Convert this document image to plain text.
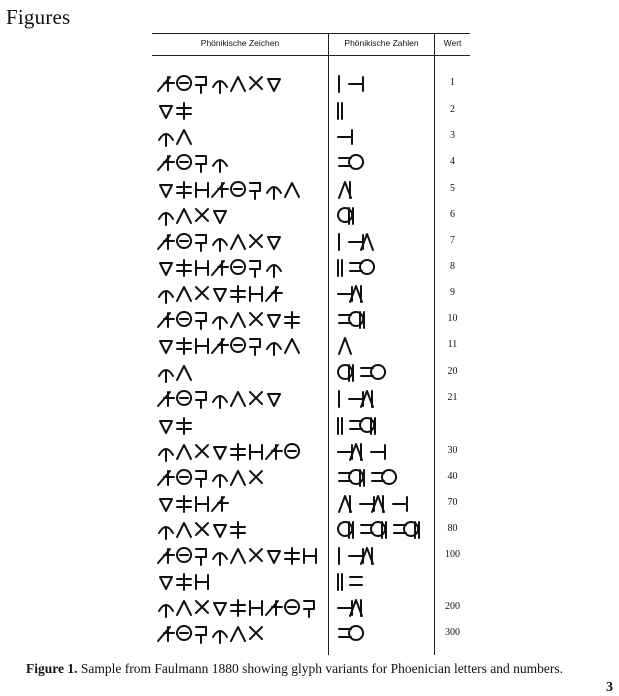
Figures
Phönikische Zeichen	Phönikische Zahlen	Wert
1
2
3
4
5
6
7
8
9
10
11
20
21
30
40
70
80
100
200
300
Figure 1. Sample from Faulmann 1880 showing glyph variants for Phoenician letters and numbers.
3
